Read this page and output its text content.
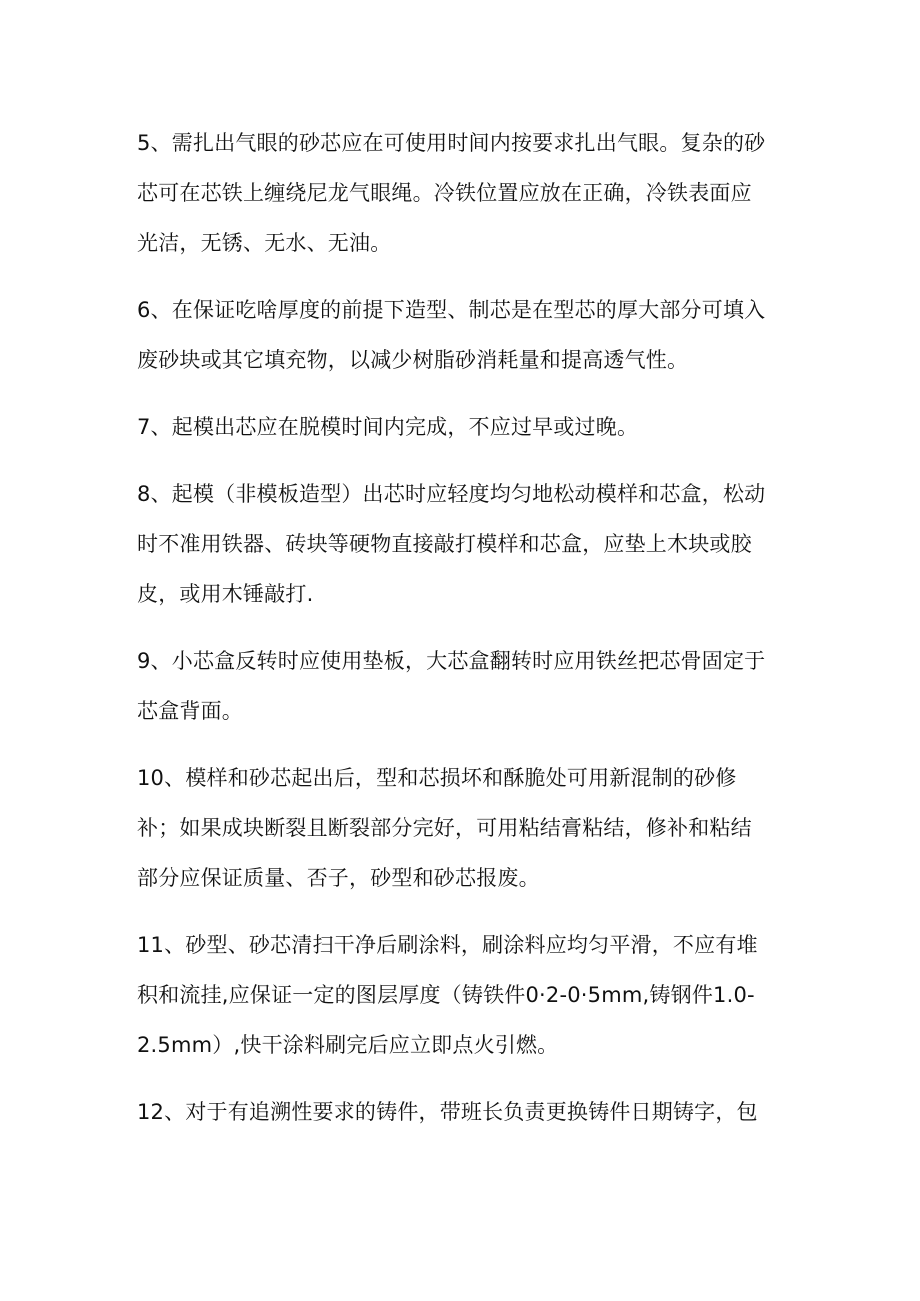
5、需扎出气眼的砂芯应在可使用时间内按要求扎出气眼。复杂的砂
芯可在芯铁上缠绕尼龙气眼绳。冷铁位置应放在正确，冷铁表面应
光洁，无锈、无水、无油。
6、在保证吃啥厚度的前提下造型、制芯是在型芯的厚大部分可填入
废砂块或其它填充物，以减少树脂砂消耗量和提高透气性。
7、起模出芯应在脱模时间内完成，不应过早或过晚。
8、起模（非模板造型）出芯时应轻度均匀地松动模样和芯盒，松动
时不准用铁器、砖块等硬物直接敲打模样和芯盒，应垫上木块或胶
皮，或用木锤敲打.
9、小芯盒反转时应使用垫板，大芯盒翻转时应用铁丝把芯骨固定于
芯盒背面。
10、模样和砂芯起出后，型和芯损坏和酥脆处可用新混制的砂修
补；如果成块断裂且断裂部分完好，可用粘结膏粘结，修补和粘结
部分应保证质量、否子，砂型和砂芯报废。
11、砂型、砂芯清扫干净后刷涂料，刷涂料应均匀平滑，不应有堆
积和流挂,应保证一定的图层厚度（铸铁件0·2-0·5mm,铸钢件1.0-
2.5mm）,快干涂料刷完后应立即点火引燃。
12、对于有追溯性要求的铸件，带班长负责更换铸件日期铸字，包
